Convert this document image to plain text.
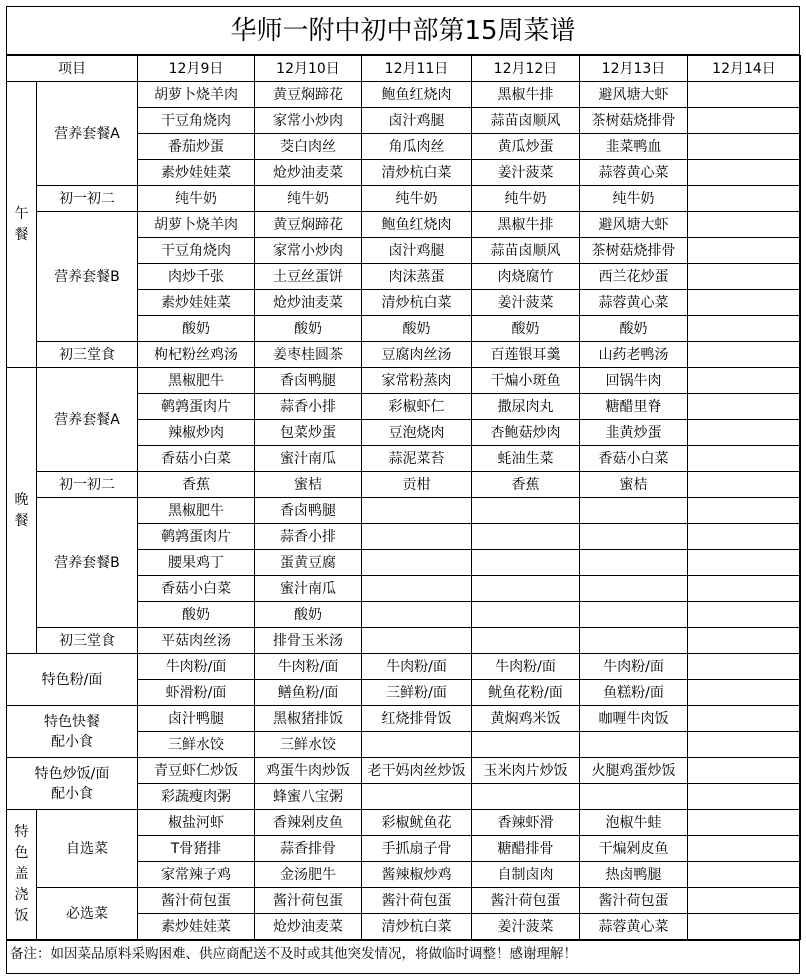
华师一附中初中部第15周菜谱
项目		12月9日	12月10日	12月11日	12月12日	12月13日	12月14日
午
餐	营养套餐A	胡萝卜烧羊肉	黄豆焖蹄花	鲍鱼红烧肉	黑椒牛排	避风塘大虾	
		干豆角烧肉	家常小炒肉	卤汁鸡腿	蒜苗卤顺风	茶树菇烧排骨	
		番茄炒蛋	茭白肉丝	角瓜肉丝	黄瓜炒蛋	韭菜鸭血	
		素炒娃娃菜	炝炒油麦菜	清炒杭白菜	姜汁菠菜	蒜蓉黄心菜	
	初一初二	纯牛奶	纯牛奶	纯牛奶	纯牛奶	纯牛奶	
	营养套餐B	胡萝卜烧羊肉	黄豆焖蹄花	鲍鱼红烧肉	黑椒牛排	避风塘大虾	
		干豆角烧肉	家常小炒肉	卤汁鸡腿	蒜苗卤顺风	茶树菇烧排骨	
		肉炒千张	土豆丝蛋饼	肉沫蒸蛋	肉烧腐竹	西兰花炒蛋	
		素炒娃娃菜	炝炒油麦菜	清炒杭白菜	姜汁菠菜	蒜蓉黄心菜	
		酸奶	酸奶	酸奶	酸奶	酸奶	
	初三堂食	枸杞粉丝鸡汤	姜枣桂圆茶	豆腐肉丝汤	百莲银耳羹	山药老鸭汤	
晚
餐	营养套餐A	黑椒肥牛	香卤鸭腿	家常粉蒸肉	干煸小斑鱼	回锅牛肉	
		鹌鹑蛋肉片	蒜香小排	彩椒虾仁	撒尿肉丸	糖醋里脊	
		辣椒炒肉	包菜炒蛋	豆泡烧肉	杏鲍菇炒肉	韭黄炒蛋	
		香菇小白菜	蜜汁南瓜	蒜泥菜苔	蚝油生菜	香菇小白菜	
	初一初二	香蕉	蜜桔	贡柑	香蕉	蜜桔	
	营养套餐B	黑椒肥牛	香卤鸭腿				
		鹌鹑蛋肉片	蒜香小排				
		腰果鸡丁	蛋黄豆腐				
		香菇小白菜	蜜汁南瓜				
		酸奶	酸奶				
	初三堂食	平菇肉丝汤	排骨玉米汤				
特色粉/面		牛肉粉/面	牛肉粉/面	牛肉粉/面	牛肉粉/面	牛肉粉/面	
		虾滑粉/面	鳝鱼粉/面	三鲜粉/面	鱿鱼花粉/面	鱼糕粉/面	
特色快餐
配小食		卤汁鸭腿	黑椒猪排饭	红烧排骨饭	黄焖鸡米饭	咖喱牛肉饭	
		三鲜水饺	三鲜水饺				
特色炒饭/面
配小食		青豆虾仁炒饭	鸡蛋牛肉炒饭	老干妈肉丝炒饭	玉米肉片炒饭	火腿鸡蛋炒饭	
		彩蔬瘦肉粥	蜂蜜八宝粥				
特
色
盖
浇
饭	自选菜	椒盐河虾	香辣剁皮鱼	彩椒鱿鱼花	香辣虾滑	泡椒牛蛙	
		T骨猪排	蒜香排骨	手抓扇子骨	糖醋排骨	干煸剁皮鱼	
		家常辣子鸡	金汤肥牛	酱辣椒炒鸡	自制卤肉	热卤鸭腿	
	必选菜	酱汁荷包蛋	酱汁荷包蛋	酱汁荷包蛋	酱汁荷包蛋	酱汁荷包蛋	
		素炒娃娃菜	炝炒油麦菜	清炒杭白菜	姜汁菠菜	蒜蓉黄心菜	
备注：如因菜品原料采购困难、供应商配送不及时或其他突发情况，将做临时调整！感谢理解！
